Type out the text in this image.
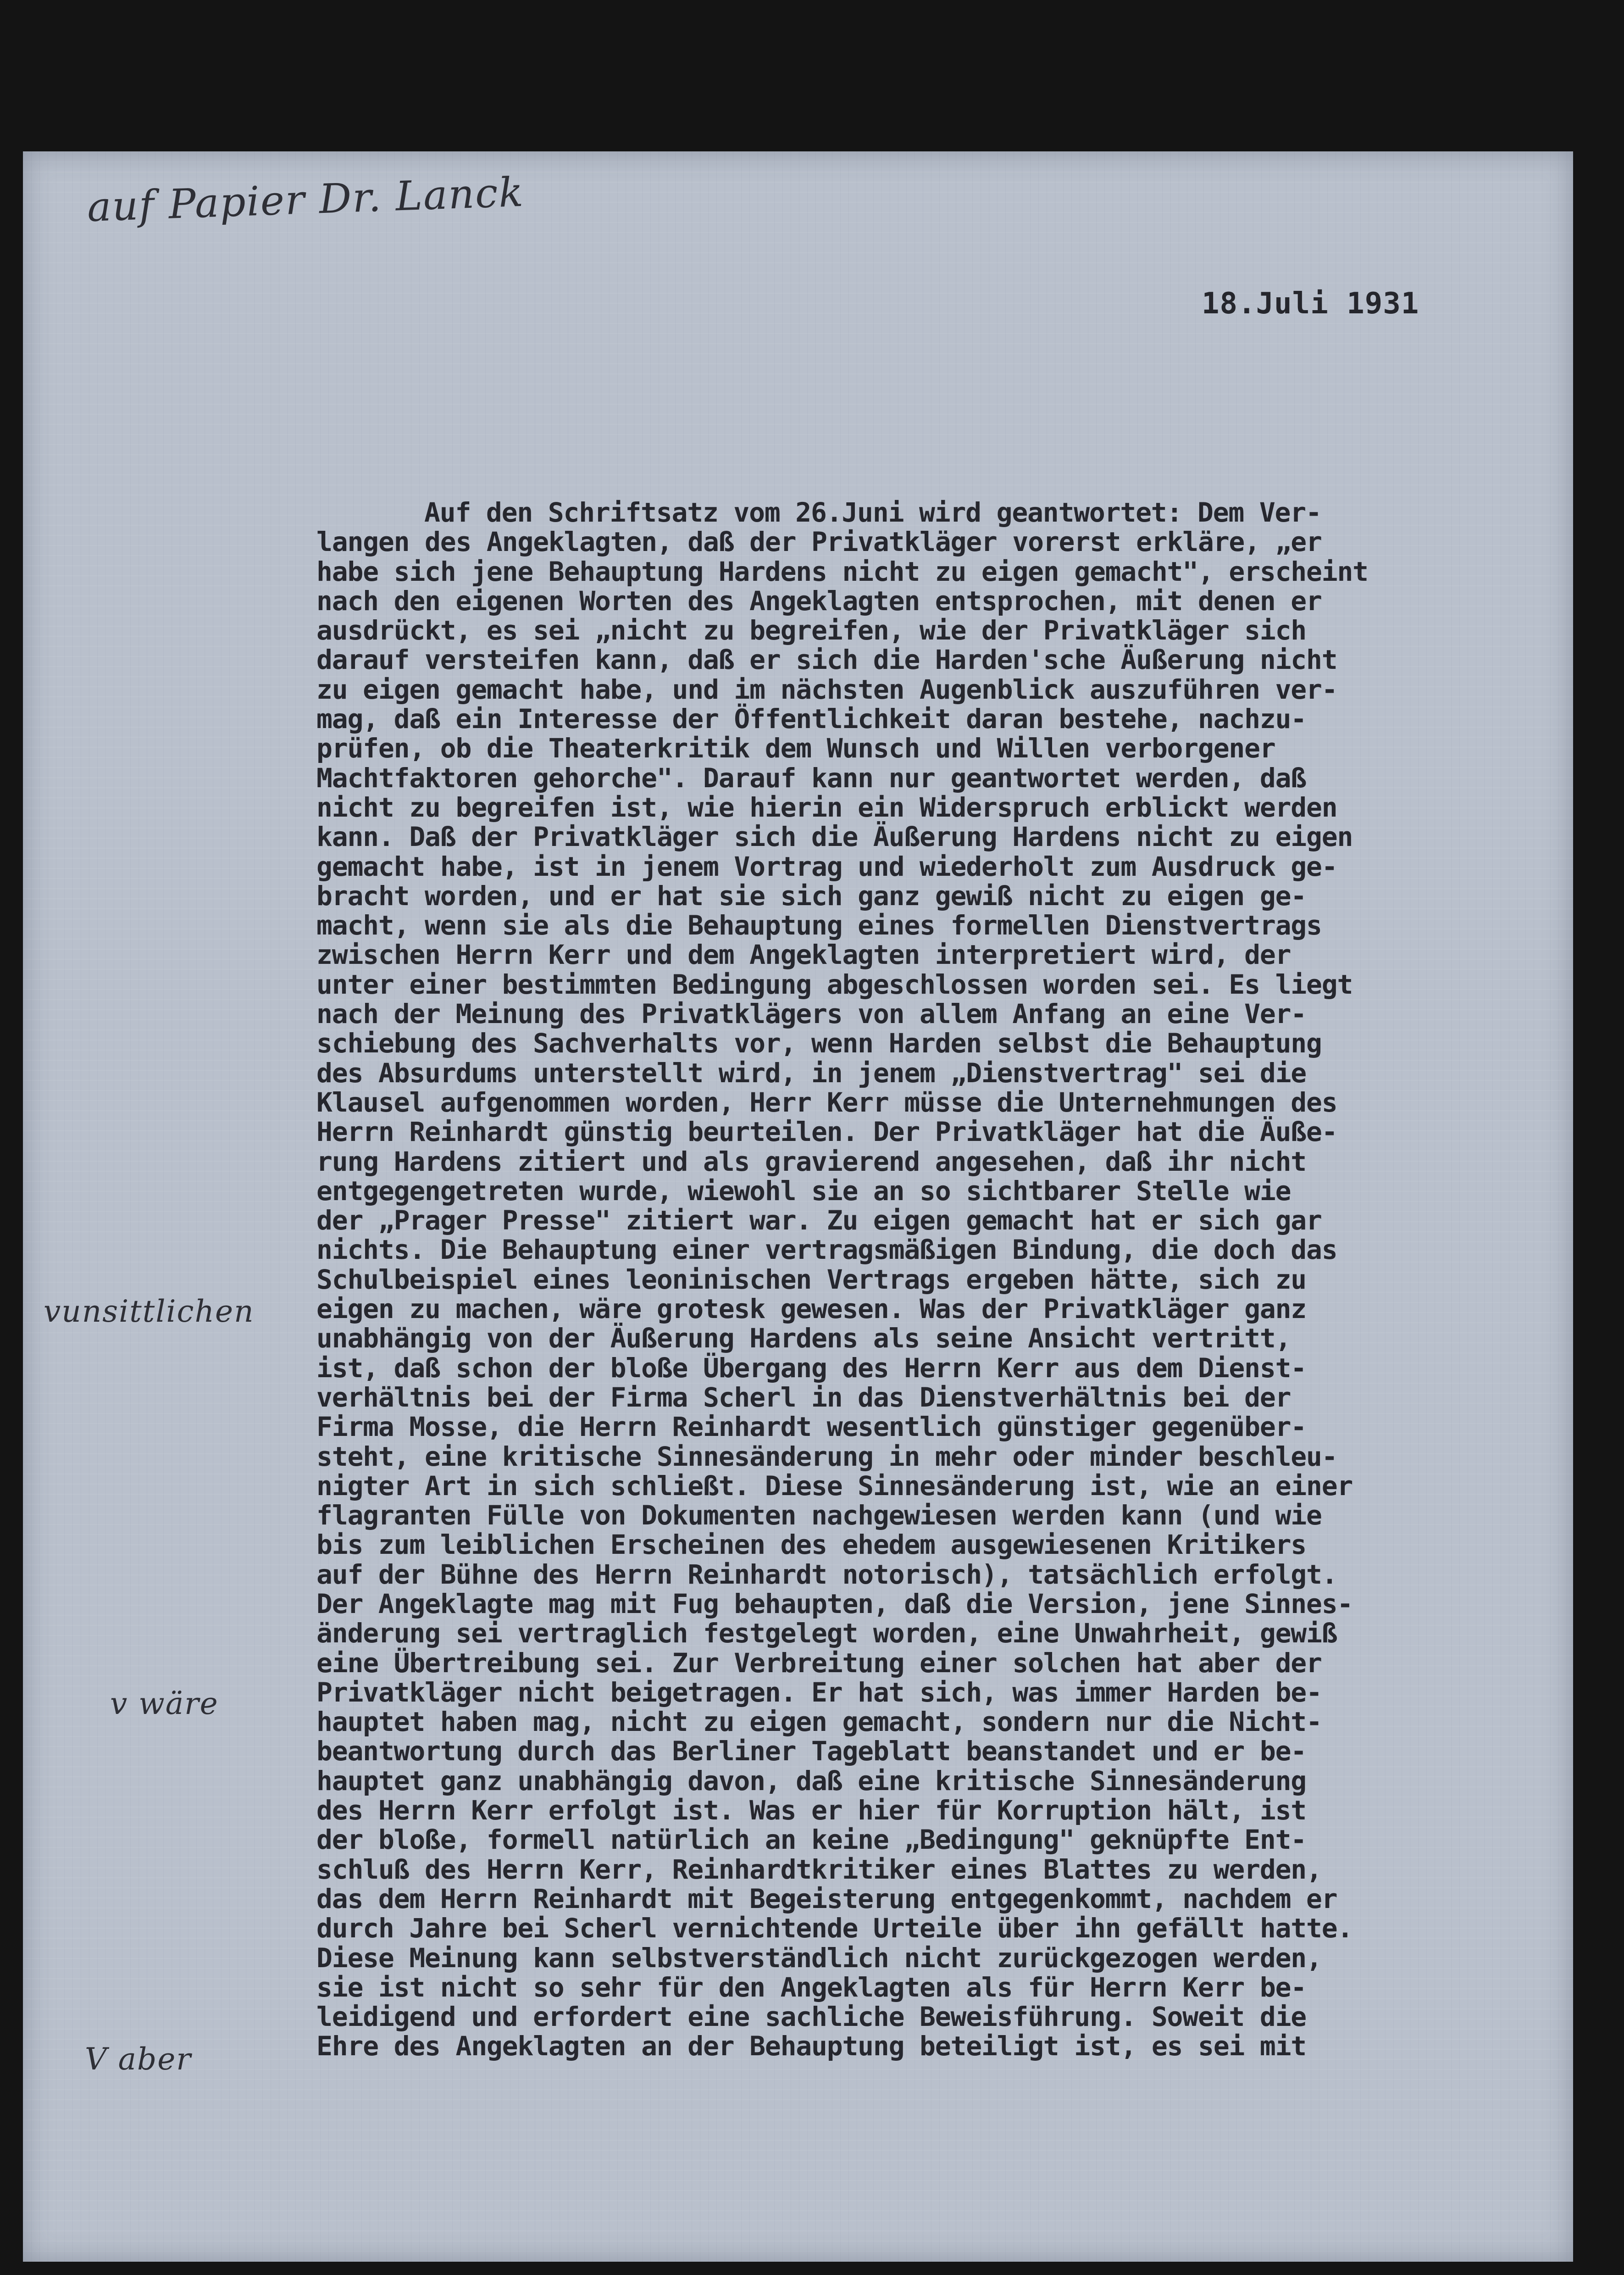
auf Papier Dr. Lanck
18.Juli 1931
vunsittlichen
v wäre
V aber
Auf den Schriftsatz vom 26.Juni wird geantwortet: Dem Ver-
langen des Angeklagten, daß der Privatkläger vorerst erkläre, „er
habe sich jene Behauptung Hardens nicht zu eigen gemacht", erscheint
nach den eigenen Worten des Angeklagten entsprochen, mit denen er
ausdrückt, es sei „nicht zu begreifen, wie der Privatkläger sich
darauf versteifen kann, daß er sich die Harden'sche Äußerung nicht
zu eigen gemacht habe, und im nächsten Augenblick auszuführen ver-
mag, daß ein Interesse der Öffentlichkeit daran bestehe, nachzu-
prüfen, ob die Theaterkritik dem Wunsch und Willen verborgener
Machtfaktoren gehorche". Darauf kann nur geantwortet werden, daß
nicht zu begreifen ist, wie hierin ein Widerspruch erblickt werden
kann. Daß der Privatkläger sich die Äußerung Hardens nicht zu eigen
gemacht habe, ist in jenem Vortrag und wiederholt zum Ausdruck ge-
bracht worden, und er hat sie sich ganz gewiß nicht zu eigen ge-
macht, wenn sie als die Behauptung eines formellen Dienstvertrags
zwischen Herrn Kerr und dem Angeklagten interpretiert wird, der
unter einer bestimmten Bedingung abgeschlossen worden sei. Es liegt
nach der Meinung des Privatklägers von allem Anfang an eine Ver-
schiebung des Sachverhalts vor, wenn Harden selbst die Behauptung
des Absurdums unterstellt wird, in jenem „Dienstvertrag" sei die
Klausel aufgenommen worden, Herr Kerr müsse die Unternehmungen des
Herrn Reinhardt günstig beurteilen. Der Privatkläger hat die Äuße-
rung Hardens zitiert und als gravierend angesehen, daß ihr nicht
entgegengetreten wurde, wiewohl sie an so sichtbarer Stelle wie
der „Prager Presse" zitiert war. Zu eigen gemacht hat er sich gar
nichts. Die Behauptung einer vertragsmäßigen Bindung, die doch das
Schulbeispiel eines leoninischen Vertrags ergeben hätte, sich zu
eigen zu machen, wäre grotesk gewesen. Was der Privatkläger ganz
unabhängig von der Äußerung Hardens als seine Ansicht vertritt,
ist, daß schon der bloße Übergang des Herrn Kerr aus dem Dienst-
verhältnis bei der Firma Scherl in das Dienstverhältnis bei der
Firma Mosse, die Herrn Reinhardt wesentlich günstiger gegenüber-
steht, eine kritische Sinnesänderung in mehr oder minder beschleu-
nigter Art in sich schließt. Diese Sinnesänderung ist, wie an einer
flagranten Fülle von Dokumenten nachgewiesen werden kann (und wie
bis zum leiblichen Erscheinen des ehedem ausgewiesenen Kritikers
auf der Bühne des Herrn Reinhardt notorisch), tatsächlich erfolgt.
Der Angeklagte mag mit Fug behaupten, daß die Version, jene Sinnes-
änderung sei vertraglich festgelegt worden, eine Unwahrheit, gewiß
eine Übertreibung sei. Zur Verbreitung einer solchen hat aber der
Privatkläger nicht beigetragen. Er hat sich, was immer Harden be-
hauptet haben mag, nicht zu eigen gemacht, sondern nur die Nicht-
beantwortung durch das Berliner Tageblatt beanstandet und er be-
hauptet ganz unabhängig davon, daß eine kritische Sinnesänderung
des Herrn Kerr erfolgt ist. Was er hier für Korruption hält, ist
der bloße, formell natürlich an keine „Bedingung" geknüpfte Ent-
schluß des Herrn Kerr, Reinhardtkritiker eines Blattes zu werden,
das dem Herrn Reinhardt mit Begeisterung entgegenkommt, nachdem er
durch Jahre bei Scherl vernichtende Urteile über ihn gefällt hatte.
Diese Meinung kann selbstverständlich nicht zurückgezogen werden,
sie ist nicht so sehr für den Angeklagten als für Herrn Kerr be-
leidigend und erfordert eine sachliche Beweisführung. Soweit die
Ehre des Angeklagten an der Behauptung beteiligt ist, es sei mit
